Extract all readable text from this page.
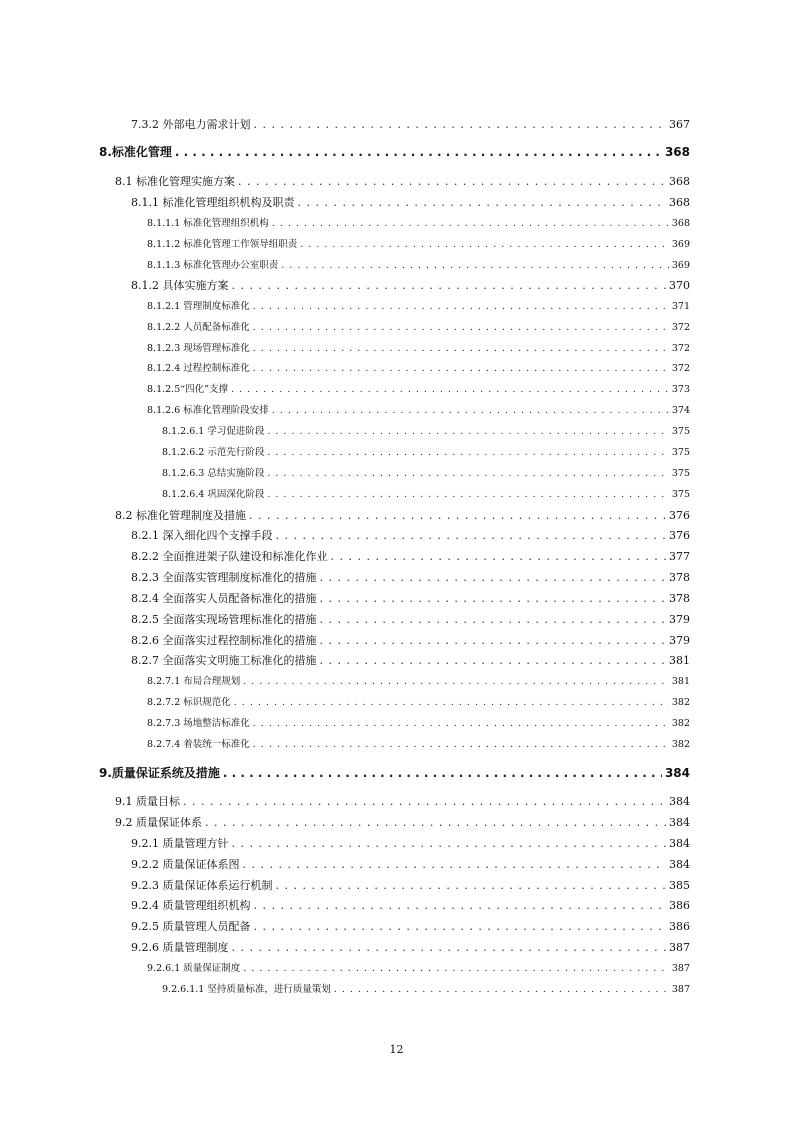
7.3.2 外部电力需求计划 . . .	367
8.标准化管理 . . .	368
8.1 标准化管理实施方案 . . .	368
8.1.1 标准化管理组织机构及职责 . . .	368
8.1.1.1 标准化管理组织机构 . . .	368
8.1.1.2 标准化管理工作领导组职责 . . .	369
8.1.1.3 标准化管理办公室职责 . . .	369
8.1.2 具体实施方案 . . .	370
8.1.2.1 管理制度标准化 . . .	371
8.1.2.2 人员配备标准化 . . .	372
8.1.2.3 现场管理标准化 . . .	372
8.1.2.4 过程控制标准化 . . .	372
8.1.2.5“四化”支撑 . . .	373
8.1.2.6 标准化管理阶段安排 . . .	374
8.1.2.6.1 学习促进阶段 . . .	375
8.1.2.6.2 示范先行阶段 . . .	375
8.1.2.6.3 总结实施阶段 . . .	375
8.1.2.6.4 巩固深化阶段 . . .	375
8.2 标准化管理制度及措施 . . .	376
8.2.1 深入细化四个支撑手段 . . .	376
8.2.2 全面推进架子队建设和标准化作业 . . .	377
8.2.3 全面落实管理制度标准化的措施 . . .	378
8.2.4 全面落实人员配备标准化的措施 . . .	378
8.2.5 全面落实现场管理标准化的措施 . . .	379
8.2.6 全面落实过程控制标准化的措施 . . .	379
8.2.7 全面落实文明施工标准化的措施 . . .	381
8.2.7.1 布局合理规划 . . .	381
8.2.7.2 标识规范化 . . .	382
8.2.7.3 场地整洁标准化 . . .	382
8.2.7.4 着装统一标准化 . . .	382
9.质量保证系统及措施 . . .	384
9.1 质量目标 . . .	384
9.2 质量保证体系 . . .	384
9.2.1 质量管理方针 . . .	384
9.2.2 质量保证体系图 . . .	384
9.2.3 质量保证体系运行机制 . . .	385
9.2.4 质量管理组织机构 . . .	386
9.2.5 质量管理人员配备 . . .	386
9.2.6 质量管理制度 . . .	387
9.2.6.1 质量保证制度 . . .	387
9.2.6.1.1 坚持质量标准，进行质量策划 . . .	387
12
